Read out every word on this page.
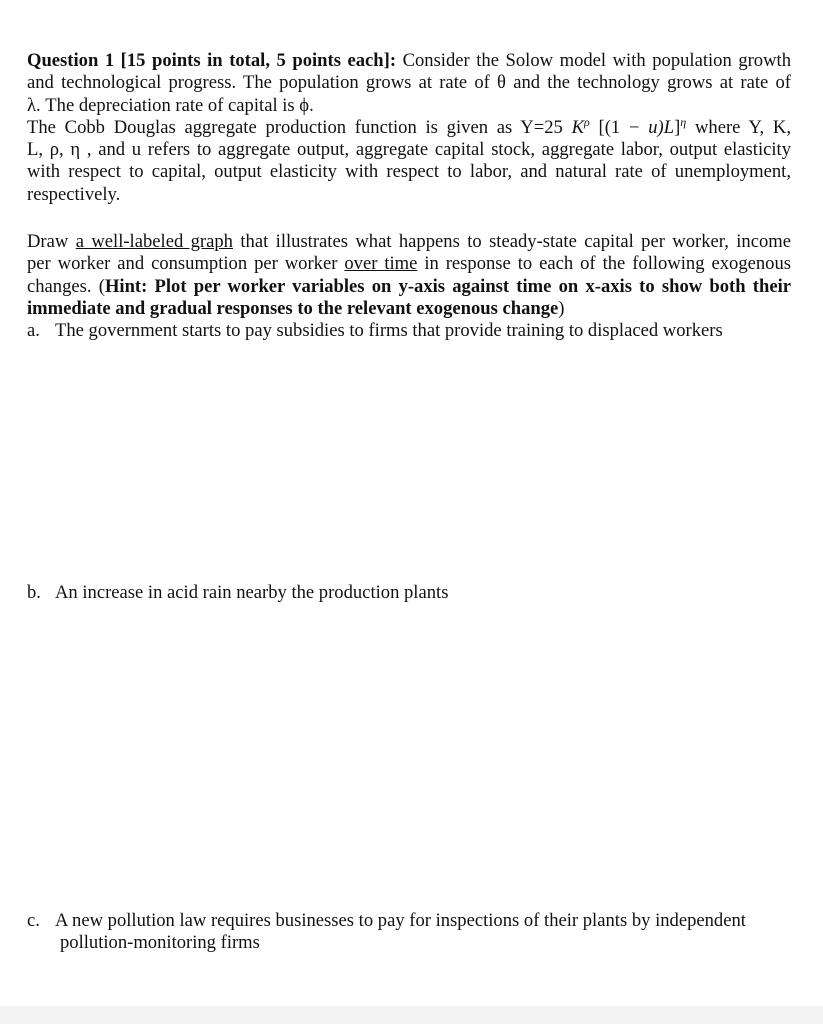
Question 1 [15 points in total, 5 points each]: Consider the Solow model with population growth
and technological progress. The population grows at rate of θ and the technology grows at rate of
λ. The depreciation rate of capital is ϕ.
The Cobb Douglas aggregate production function is given as Y=25 $K^\rho$ $[(1 - u)L]^\eta$ where Y, K,
L, ρ, η , and u refers to aggregate output, aggregate capital stock, aggregate labor, output elasticity
with respect to capital, output elasticity with respect to labor, and natural rate of unemployment,
respectively.
Draw a well-labeled graph that illustrates what happens to steady-state capital per worker, income
per worker and consumption per worker over time in response to each of the following exogenous
changes. (Hint: Plot per worker variables on y-axis against time on x-axis to show both their
immediate and gradual responses to the relevant exogenous change)
a. The government starts to pay subsidies to firms that provide training to displaced workers
b. An increase in acid rain nearby the production plants
c. A new pollution law requires businesses to pay for inspections of their plants by independent
pollution-monitoring firms
